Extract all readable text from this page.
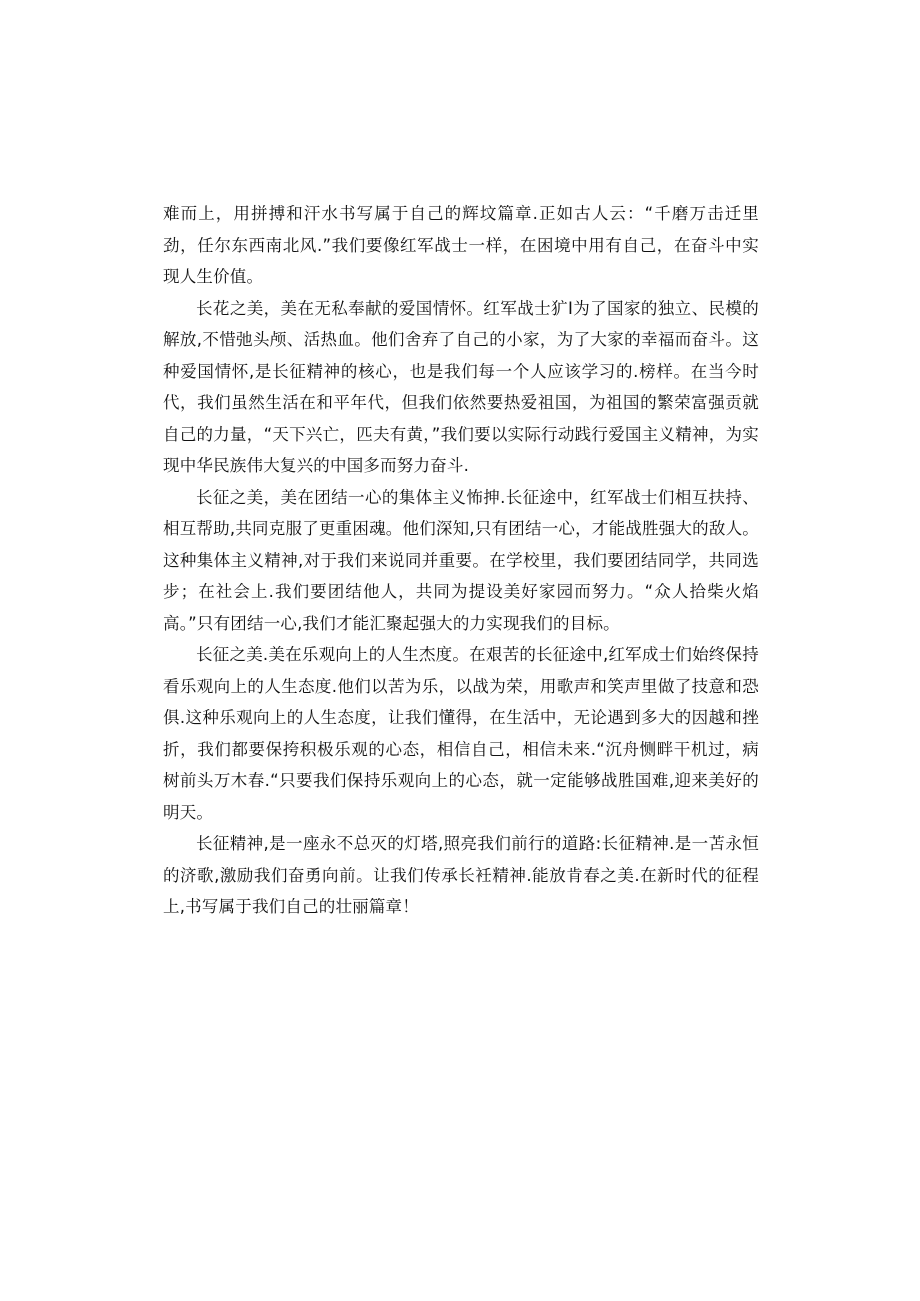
难而上，用拼搏和汗水书写属于自己的辉坟篇章.正如古人云：“千磨万击迁里劲，任尔东西南北风.”我们要像红军战士一样，在困境中用有自己，在奋斗中实现人生价值。

长花之美，美在无私奉献的爱国情怀。红军战士犷I为了国家的独立、民模的解放,不惜弛头颅、活热血。他们舍弃了自己的小家，为了大家的幸福而奋斗。这种爱国情怀,是长征精神的核心，也是我们每一个人应该学习的.榜样。在当今时代，我们虽然生活在和平年代，但我们依然要热爱祖国，为祖国的繁荣富强贡就自己的力量，“天下兴亡，匹夫有黄，”我们要以实际行动践行爱国主义精神，为实现中华民族伟大复兴的中国多而努力奋斗.

长征之美，美在团结一心的集体主义怖抻.长征途中，红军战士们相互扶持、相互帮助,共同克服了更重困魂。他们深知,只有团结一心，才能战胜强大的敌人。这种集体主义精神,对于我们来说同并重要。在学校里，我们要团结同学，共同选步；在社会上.我们要团结他人，共同为提设美好家园而努力。“众人拾柴火焰高。”只有团结一心,我们才能汇聚起强大的力实现我们的目标。

长征之美.美在乐观向上的人生杰度。在艰苦的长征途中,红军成士们始终保持看乐观向上的人生态度.他们以苦为乐，以战为荣，用歌声和笑声里做了技意和恐俱.这种乐观向上的人生态度，让我们懂得，在生活中，无论遇到多大的因越和挫折，我们都要保挎积极乐观的心态，相信自己，相信未来.“沉舟恻畔干机过，病树前头万木春.“只要我们保持乐观向上的心态，就一定能够战胜国难,迎来美好的明天。

长征精神,是一座永不总灭的灯塔,照亮我们前行的道路:长征精神.是一苫永恒的济歌,激励我们奋勇向前。让我们传承长衽精神.能放肯春之美.在新时代的征程上,书写属于我们自己的壮丽篇章！
